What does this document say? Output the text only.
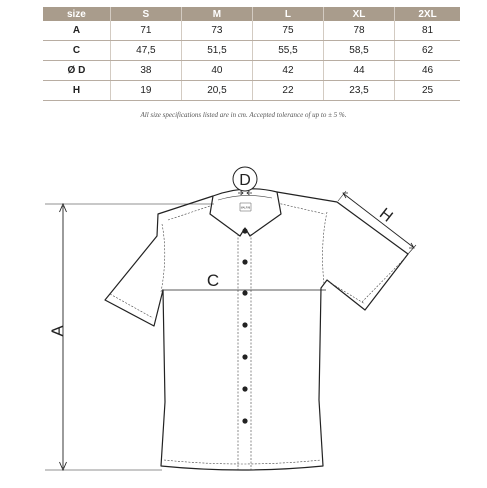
size	S	M	L	XL	2XL
A	71	73	75	78	81
C	47,5	51,5	55,5	58,5	62
Ø D	38	40	42	44	46
H	19	20,5	22	23,5	25
All size specifications listed are in cm. Accepted tolerance of up to ± 5 %.
MALFINI
A
C
D
H
